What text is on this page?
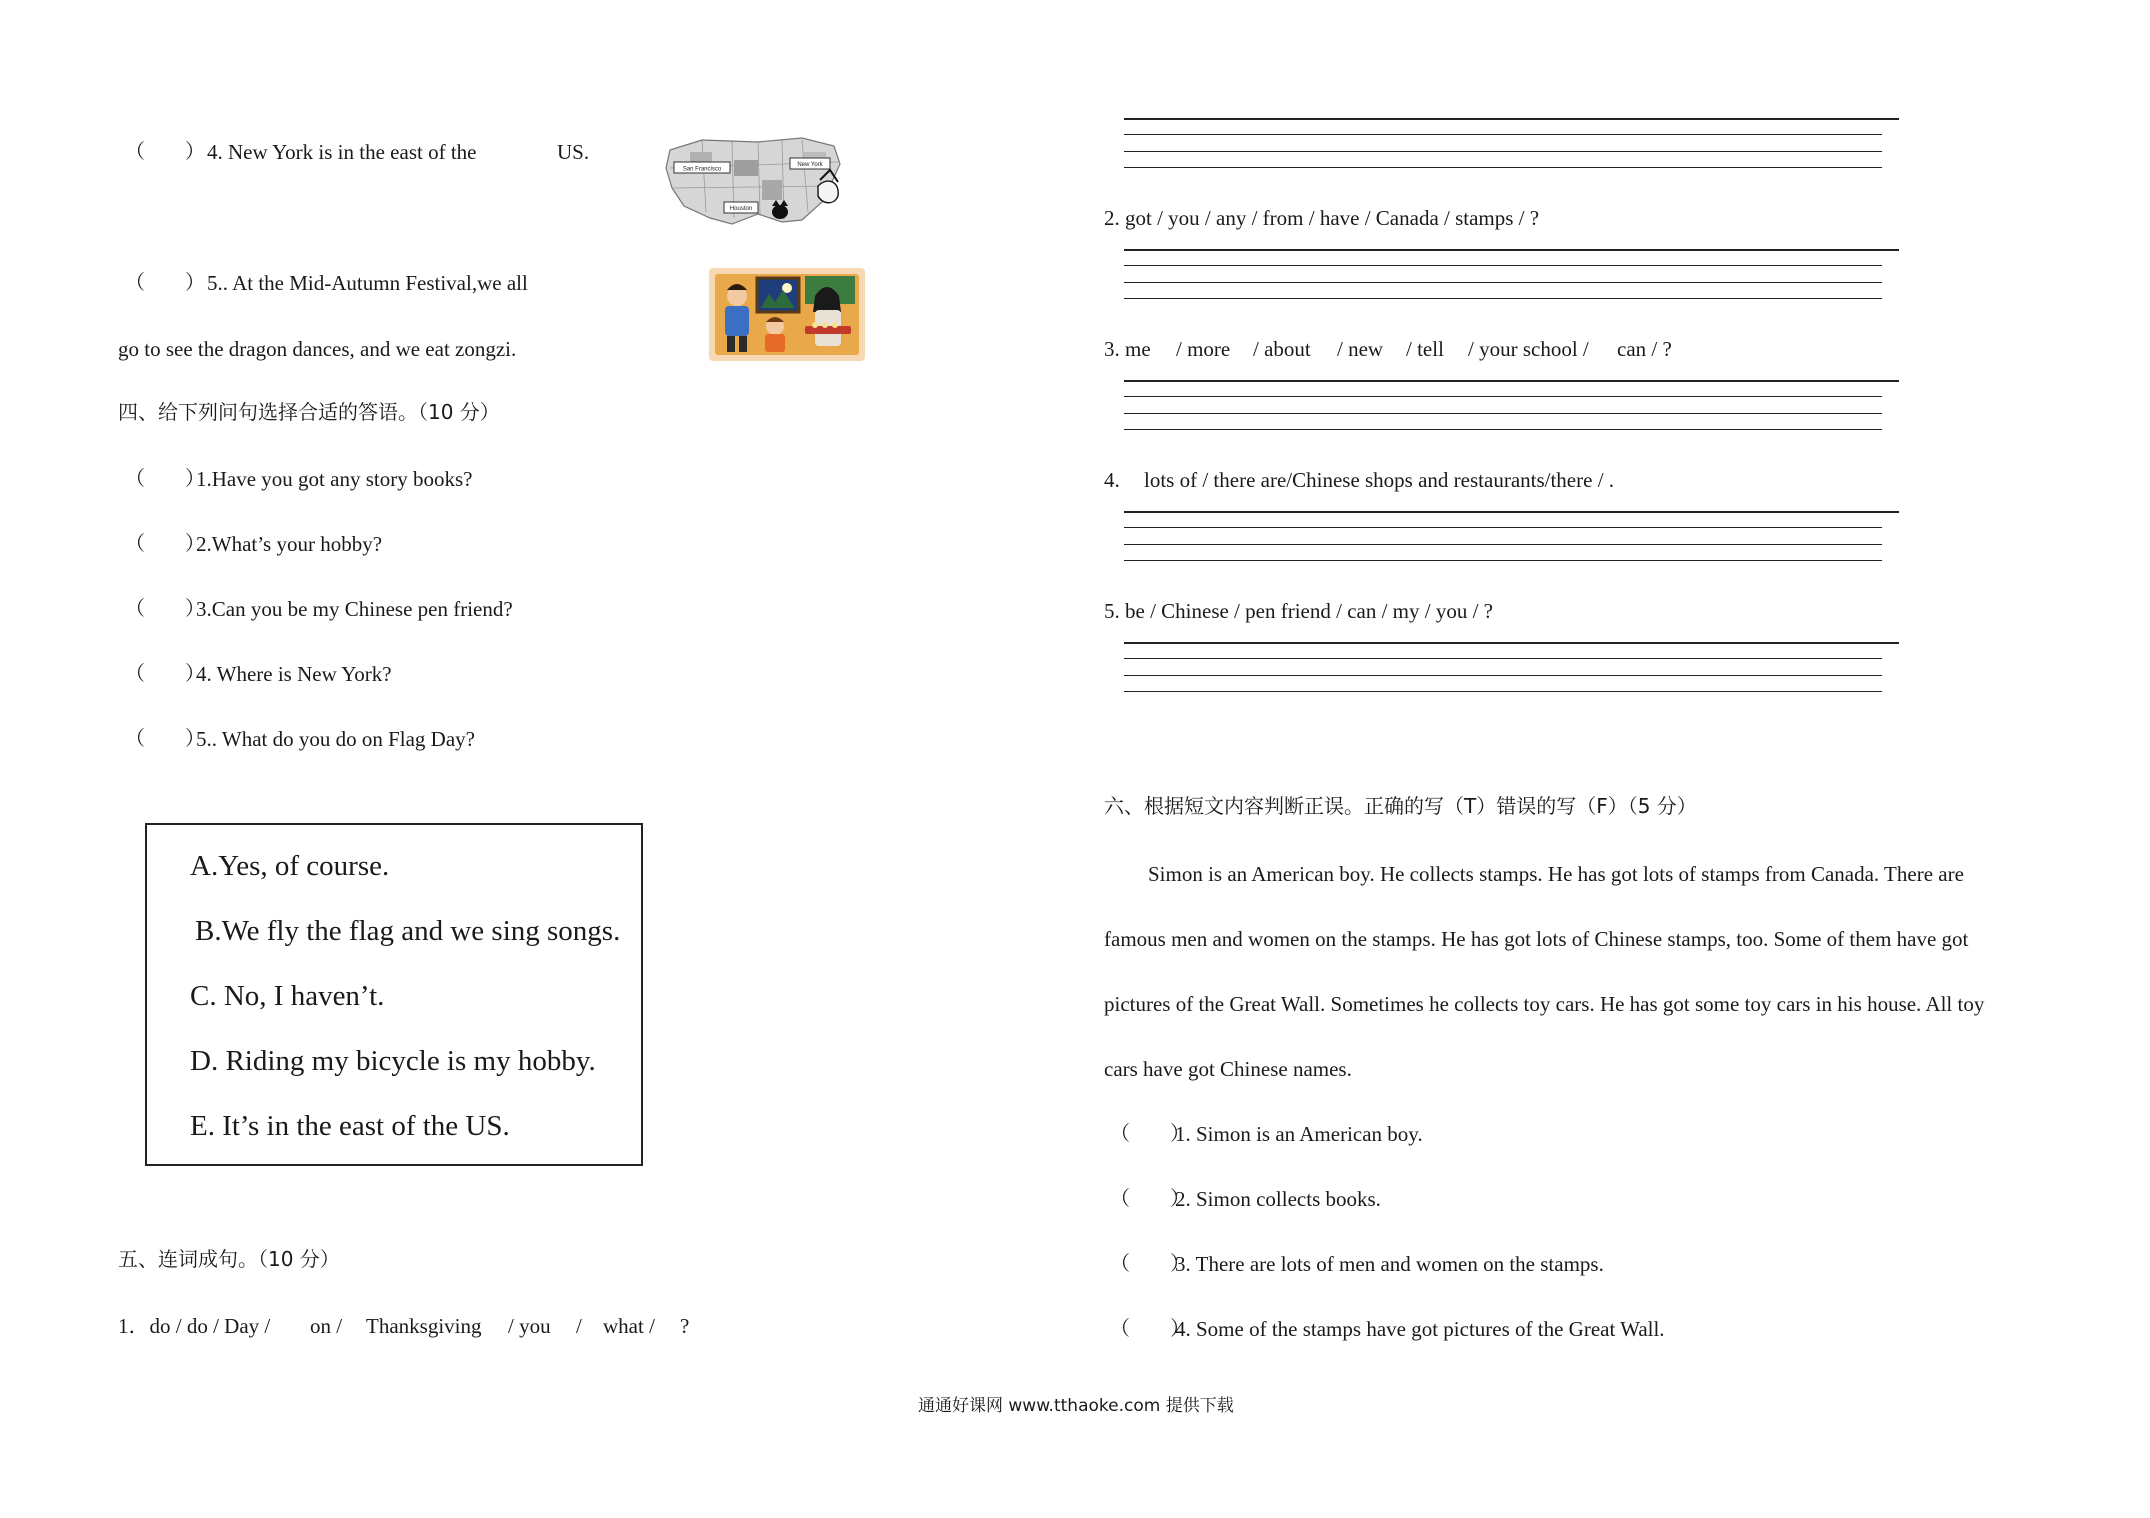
（　　） 4. New York is in the east of the	US.
San Francisco
New York
Houston
（　　） 5.. At the Mid-Autumn Festival,we all
go to see the dragon dances, and we eat zongzi.
四、给下列问句选择合适的答语。（10 分）
（　　）
1.Have you got any story books?
（　　）
2.What’s your hobby?
（　　）
3.Can you be my Chinese pen friend?
（　　）
4. Where is New York?
（　　）
5.. What do you do on Flag Day?
A.Yes, of course.
B.We fly the flag and we sing songs.
C. No, I haven’t.
D. Riding my bicycle is my hobby.
E. It’s in the east of the US.
五、连词成句。（10 分）
1．do / do / Day / on / Thanksgiving / you / what / ?
2. got / you / any / from / have / Canada / stamps / ?
3. me / more / about / new / tell / your school / can / ?
4. lots of / there are/Chinese shops and restaurants/there / .
5. be / Chinese / pen friend / can / my / you / ?
六、根据短文内容判断正误。正确的写（T）错误的写（F）（5 分）
Simon is an American boy. He collects stamps. He has got lots of stamps from Canada. There are
famous men and women on the stamps. He has got lots of Chinese stamps, too. Some of them have got
pictures of the Great Wall. Sometimes he collects toy cars. He has got some toy cars in his house. All toy
cars have got Chinese names.
（　　）
1. Simon is an American boy.
（　　）
2. Simon collects books.
（　　）
3. There are lots of men and women on the stamps.
（　　）
4. Some of the stamps have got pictures of the Great Wall.
通通好课网 www.tthaoke.com 提供下载
